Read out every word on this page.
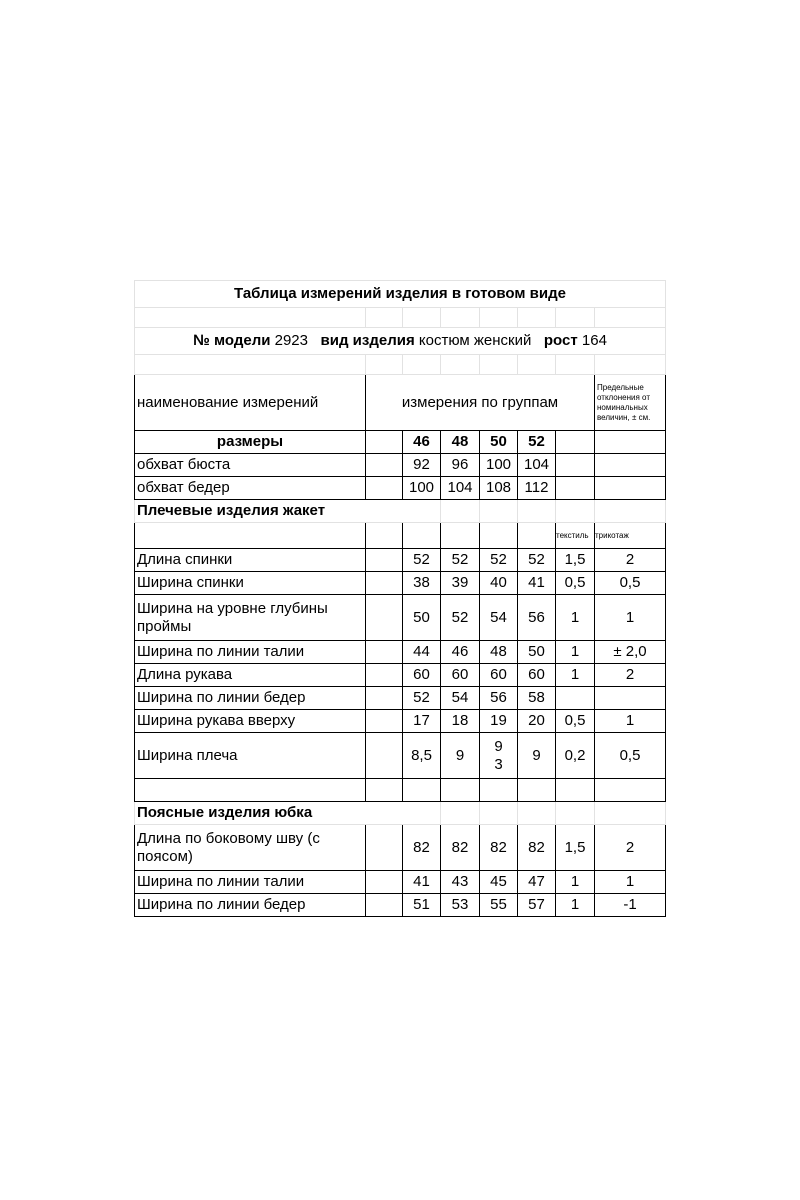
Таблица измерений изделия в готовом виде							

№ модели 2923 вид изделия костюм женский рост 164							

наименование измерений	измерения по группам						Предельные отклонения от номинальных величин, ± см.
размеры		46	48	50	52		
обхват бюста		92	96	100	104		
обхват бедер		100	104	108	112		
Плечевые изделия жакет							
						текстиль	трикотаж
Длина спинки		52	52	52	52	1,5	2
Ширина спинки		38	39	40	41	0,5	0,5
Ширина на уровне глубины проймы		50	52	54	56	1	1
Ширина по линии талии		44	46	48	50	1	± 2,0
Длина рукава		60	60	60	60	1	2
Ширина по линии бедер		52	54	56	58		
Ширина рукава вверху		17	18	19	20	0,5	1
Ширина плеча		8,5	9	9 3	9	0,2	0,5

Поясные изделия юбка							
Длина по боковому шву (с поясом)		82	82	82	82	1,5	2
Ширина по линии талии		41	43	45	47	1	1
Ширина по линии бедер		51	53	55	57	1	-1
